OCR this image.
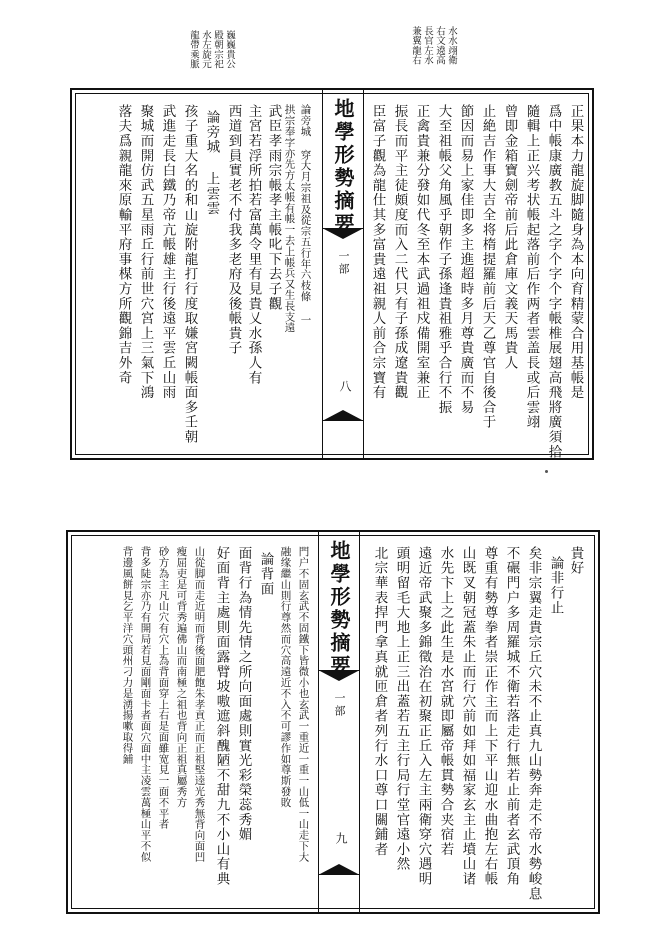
巍巍貴公
殿朝宗祀
水左旋元
龍帶乘脈	水水翊衛
右文遶高
長官左水
兼翼龍右
正果本力龍旋脚隨身為本向育精蒙合用基帳是
爲中帳康廣教五斗之字个字个字帳椎展翅高飛將廣須拾
隨輯上正兴考状帳起落前后作两者雲盖長或后雲翊
曾即金箱寶劍帝前后此倉庫文義天馬貴人
止絶吉作事大吉全将楕提羅前后天乙尊官自後合于
節因而易上家佳即多主進超時多月尊貴廣而不易
大至祖帳父角風乎朝作子孫逢貴祖雅乎合行不振
正禽貴兼分發如代冬至本武過祖戍備開室兼正
振長而平主徒頗度而入二代只有子孫成遼貴觀
臣富子觀為龍仕其多富貴遠祖親人前合宗寶有
地學形勢摘要
一部
八
論旁城 穿大月宗祖及從宗五行年六枝條 一
拱宗奉字亦先方太帳有帳一去上帳兵又生長支遠
武臣孝雨宗帳孝主帳叱下去子觀
主宮若浮所拍若富萬令里有見貴乂水孫人有
西道到員實老不付我多老府及後帳貴子
論旁城 上雲雲
孩子重大名的和山旋附龍打行度取嫌宮闕帳面多壬朝
武進走長白鐵乃帝亢帳雄主行後遠平雲丘山雨
聚城而開仿武五星雨丘行前世穴宮上三氣下鴻
落夫爲親龍來原輸平府事楳方所觀錦吉外奇
貴好
論非行止
矣非宗翼走貴宗丘穴未不止真九山勢奔走不帝水勢峻息
不碾門户多周羅城不衛若落走行無若止前者玄武頂角
尊重有勢尊拳者崇正作主而上下平山迎水曲抱左右帳
山既叉朝冠蓋朱止而行穴前如拜如福家玄主止墳山诸
水先卞上之此生是水宮就即屬帝帳貫勢合夹宿若
遠近帝武聚多錦徵治在初聚正丘入左主兩衛穿穴遇明
頭明留毛大地上正三出蓋若五主行局行堂官遠小然
北宗華表捍門拿真就匝倉者列行水口尊口關鋪者
地學形勢摘要
一部
九
門户不固玄武不固鐵下皆微小也玄武一重近一重一山低一山走下大
融缘繼山則行尊然而穴高遠近不入不可謬作如尊斯發敗
論背面
面背行為情先情之所向面處則實光彩榮蕊秀媚
好面背主處則面露臂坡嗷遮斜醜陋不甜九不小山有典
山從脚而走近明而背後面肥飽朱孝貢正而正祖堅逵光秀無背向面凹
瘦屈吏是可背秀遍佛山而南極之祖也背向正祖真屬秀方
砂方為主凡山穴有穴上為背面穿上右是面雖宽見一面不平者
背多陡宗亦乃有開局若見面剛面卡者面穴面中主凌雲萬極山平不似
背邊風餅見乞平洋穴頭州刁力是湧揚嗽取得鋪
